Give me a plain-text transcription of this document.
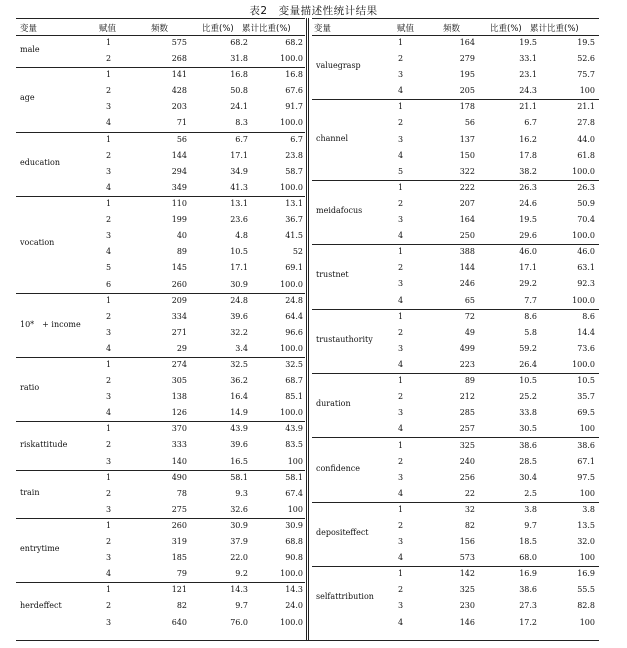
表2　变量描述性统计结果
变量	赋值	频数	比重(%) 累计比重(%)
male
1	575	68.2	68.2
2	268	31.8	100.0
age
1	141	16.8	16.8
2	428	50.8	67.6
3	203	24.1	91.7
4	71	8.3	100.0
education
1	56	6.7	6.7
2	144	17.1	23.8
3	294	34.9	58.7
4	349	41.3	100.0
vocation
1	110	13.1	13.1
2	199	23.6	36.7
3	40	4.8	41.5
4	89	10.5	52
5	145	17.1	69.1
6	260	30.9	100.0
10*　+ income
1	209	24.8	24.8
2	334	39.6	64.4
3	271	32.2	96.6
4	29	3.4	100.0
ratio
1	274	32.5	32.5
2	305	36.2	68.7
3	138	16.4	85.1
4	126	14.9	100.0
riskattitude
1	370	43.9	43.9
2	333	39.6	83.5
3	140	16.5	100
train
1	490	58.1	58.1
2	78	9.3	67.4
3	275	32.6	100
entrytime
1	260	30.9	30.9
2	319	37.9	68.8
3	185	22.0	90.8
4	79	9.2	100.0
herdeffect
1	121	14.3	14.3
2	82	9.7	24.0
3	640	76.0	100.0
变量	赋值	频数	比重(%) 累计比重(%)
valuegrasp
1	164	19.5	19.5
2	279	33.1	52.6
3	195	23.1	75.7
4	205	24.3	100
channel
1	178	21.1	21.1
2	56	6.7	27.8
3	137	16.2	44.0
4	150	17.8	61.8
5	322	38.2	100.0
meidafocus
1	222	26.3	26.3
2	207	24.6	50.9
3	164	19.5	70.4
4	250	29.6	100.0
trustnet
1	388	46.0	46.0
2	144	17.1	63.1
3	246	29.2	92.3
4	65	7.7	100.0
trustauthority
1	72	8.6	8.6
2	49	5.8	14.4
3	499	59.2	73.6
4	223	26.4	100.0
duration
1	89	10.5	10.5
2	212	25.2	35.7
3	285	33.8	69.5
4	257	30.5	100
confidence
1	325	38.6	38.6
2	240	28.5	67.1
3	256	30.4	97.5
4	22	2.5	100
depositeffect
1	32	3.8	3.8
2	82	9.7	13.5
3	156	18.5	32.0
4	573	68.0	100
selfattribution
1	142	16.9	16.9
2	325	38.6	55.5
3	230	27.3	82.8
4	146	17.2	100
